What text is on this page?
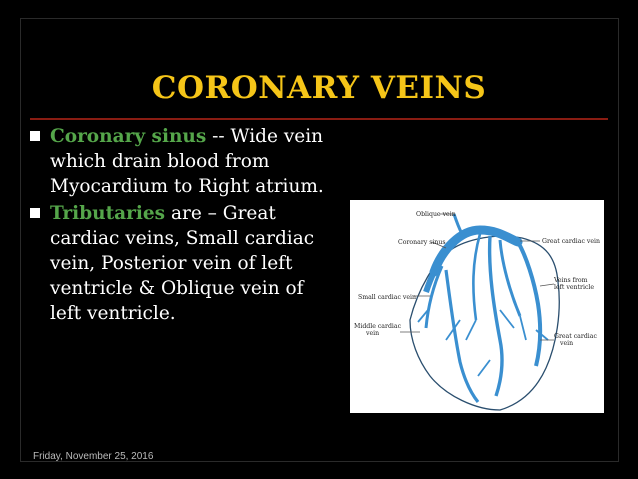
CORONARY VEINS
Coronary sinus -- Wide vein which drain blood from Myocardium to Right atrium.
Tributaries are – Great cardiac veins, Small cardiac vein, Posterior vein of left ventricle & Oblique vein of left ventricle.
Oblique vein
Coronary sinus	Great cardiac vein
Veins from
left ventricle
Small cardiac vein
Middle cardiac
vein	Great cardiac
vein
Friday, November 25, 2016
